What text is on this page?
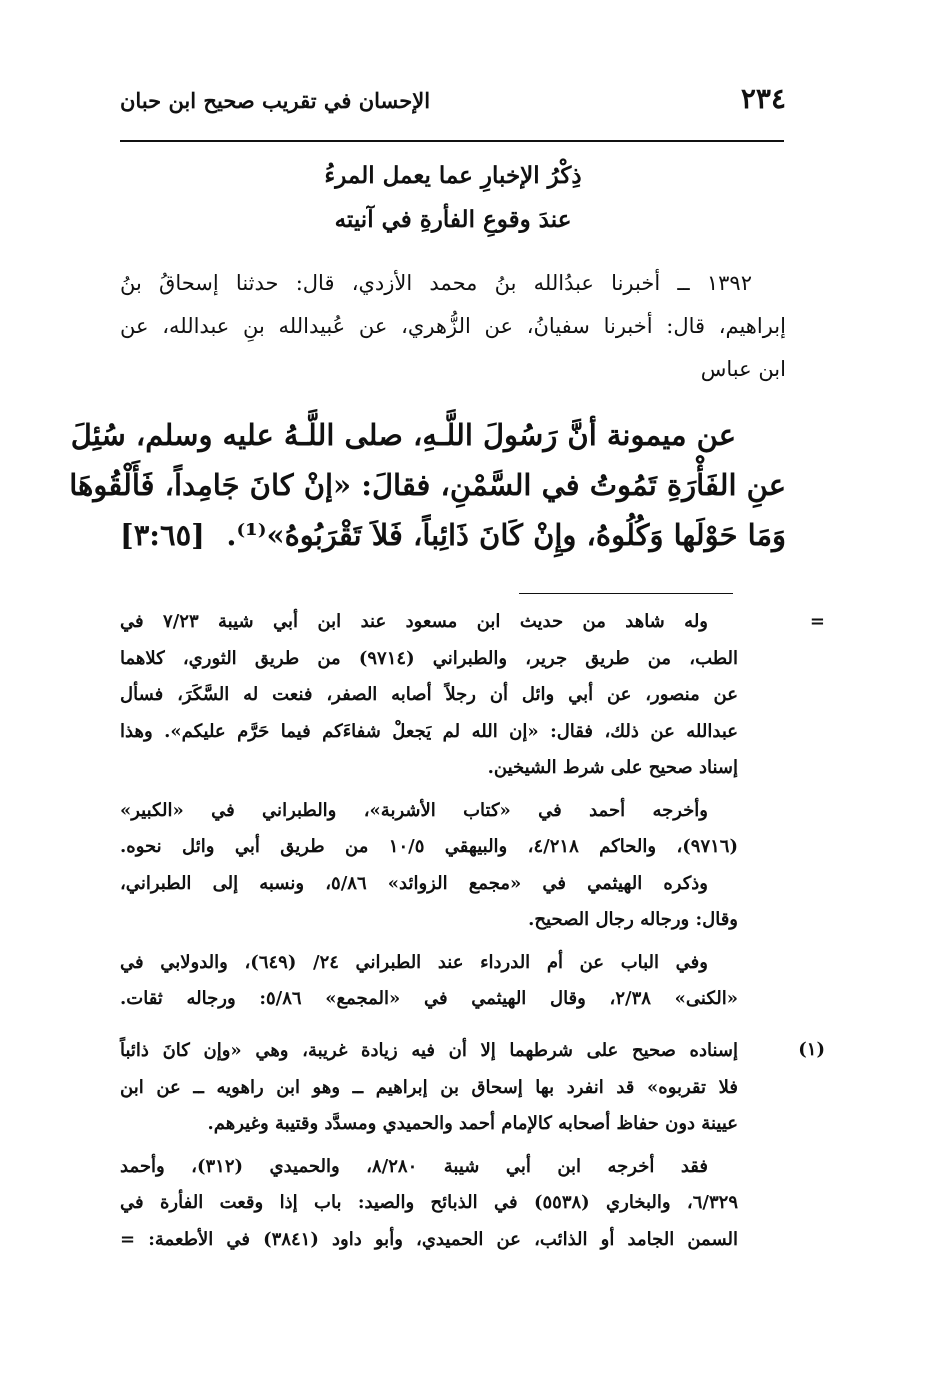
٢٣٤
الإحسان في تقريب صحيح ابن حبان
ذِكْرُ الإخبارِ عما يعمل المرءُ
عندَ وقوعِ الفأرةِ في آنيته
١٣٩٢ ــ أخبرنا عبدُالله بنُ محمد الأزدي، قال: حدثنا إسحاقُ بنُ
إبراهيم، قال: أخبرنا سفيانُ، عن الزُّهري، عن عُبيدالله بنِ عبدالله، عن
ابن عباس
عن ميمونة أنَّ رَسُولَ اللَّـهِ، صلى اللَّـهُ عليه وسلم، سُئِلَ
عنِ الفَأْرَةِ تَمُوتُ في السَّمْنِ، فقالَ: «إنْ كانَ جَامِداً، فَأَلْقُوهَا
وَمَا حَوْلَها وَكُلُوهُ، وإِنْ كَانَ ذَائِباً، فَلاَ تَقْرَبُوهُ»⁽¹⁾.
[٣:٦٥]
=
وله شاهد من حديث ابن مسعود عند ابن أبي شيبة ٧/٢٣ في
الطب، من طريق جرير، والطبراني (٩٧١٤) من طريق الثوري، كلاهما
عن منصور، عن أبي وائل أن رجلاً أصابه الصفر، فنعت له السَّكَرَ، فسأل
عبدالله عن ذلك، فقال: «إن الله لم يَجعلْ شفاءَكم فيما حَرَّم عليكم». وهذا
إسناد صحيح على شرط الشيخين.
وأخرجه أحمد في «كتاب الأشربة»، والطبراني في «الكبير»
(٩٧١٦)، والحاكم ٤/٢١٨، والبيهقي ١٠/٥ من طريق أبي وائل نحوه.
وذكره الهيثمي في «مجمع الزوائد» ٥/٨٦، ونسبه إلى الطبراني،
وقال: ورجاله رجال الصحيح.
وفي الباب عن أم الدرداء عند الطبراني ٢٤/ (٦٤٩)، والدولابي في
«الكنى» ٢/٣٨، وقال الهيثمي في «المجمع» ٥/٨٦: ورجاله ثقات.
(١)
إسناده صحيح على شرطهما إلا أن فيه زيادة غريبة، وهي «وإن كانَ ذائباً
فلا تقربوه» قد انفرد بها إسحاق بن إبراهيم ــ وهو ابن راهويه ــ عن ابن
عيينة دون حفاظ أصحابه كالإمام أحمد والحميدي ومسدَّد وقتيبة وغيرهم.
فقد أخرجه ابن أبي شيبة ٨/٢٨٠، والحميدي (٣١٢)، وأحمد
٦/٣٢٩، والبخاري (٥٥٣٨) في الذبائح والصيد: باب إذا وقعت الفأرة في
السمن الجامد أو الذائب، عن الحميدي، وأبو داود (٣٨٤١) في الأطعمة: =
